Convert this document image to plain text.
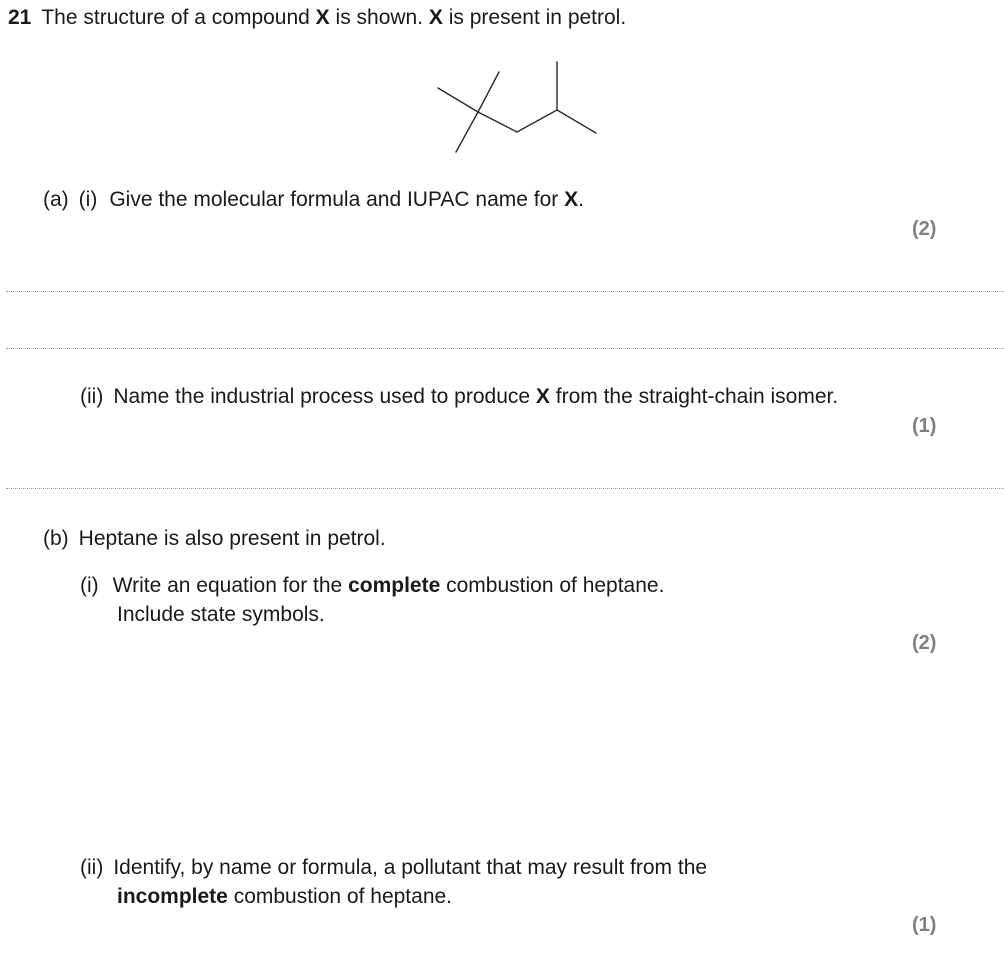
21 The structure of a compound X is shown. X is present in petrol.
(a) (i) Give the molecular formula and IUPAC name for X.
(2)
(ii) Name the industrial process used to produce X from the straight-chain isomer.
(1)
(b) Heptane is also present in petrol.
(i) Write an equation for the complete combustion of heptane.
Include state symbols.
(2)
(ii) Identify, by name or formula, a pollutant that may result from the
incomplete combustion of heptane.
(1)
